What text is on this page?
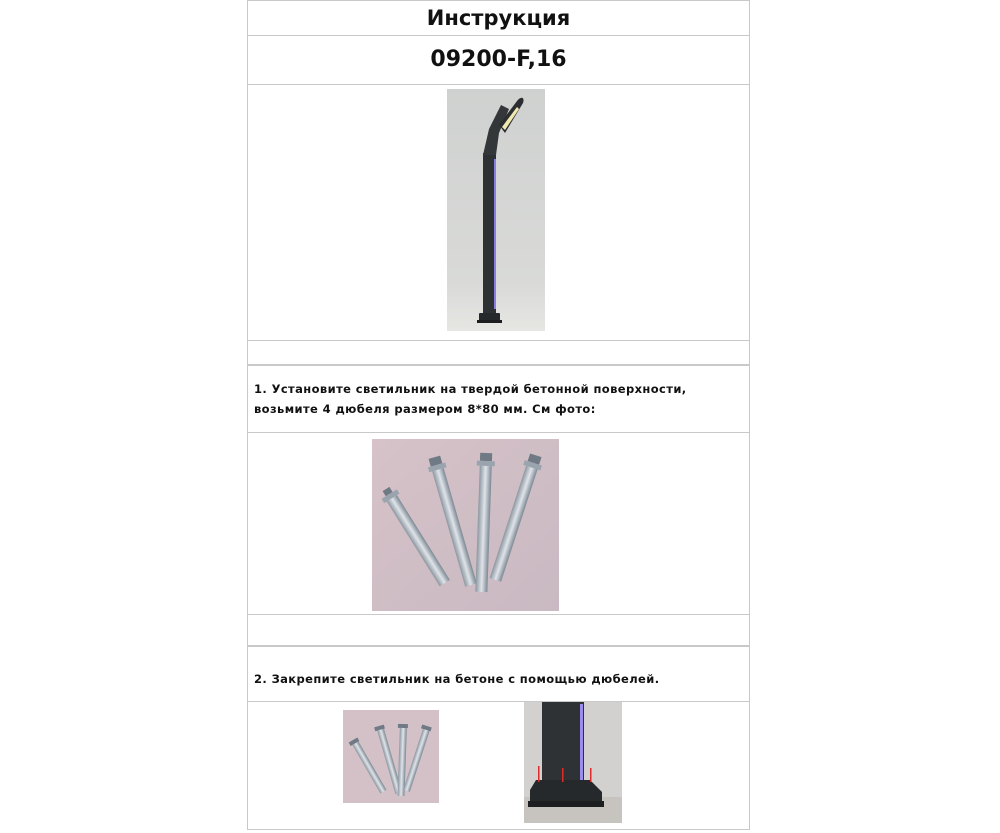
Инструкция
09200-F,16
1. Установите светильник на твердой бетонной поверхности, возьмите 4 дюбеля размером 8*80 мм. См фото:
2. Закрепите светильник на бетоне с помощью дюбелей.
